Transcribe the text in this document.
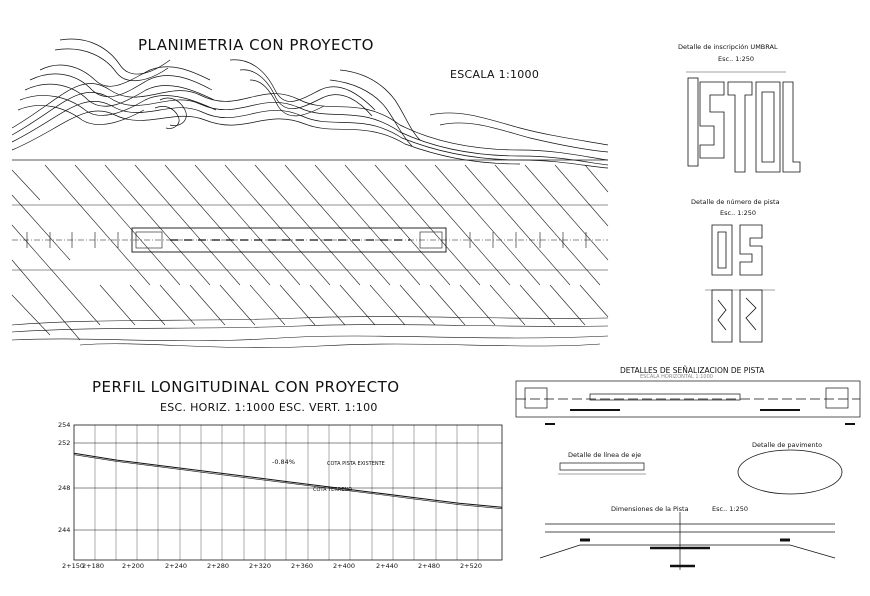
PLANIMETRIA CON PROYECTO
ESCALA 1:1000
Detalle de inscripción UMBRAL
Esc.. 1:250
Detalle de número de pista
Esc.. 1:250
PERFIL LONGITUDINAL CON PROYECTO
ESC. HORIZ. 1:1000 ESC. VERT. 1:100
-0.84%	COTA PISTA EXISTENTE
COTA TERRENO
254
252
248
244
2+150
2+180	2+200	2+240	2+280	2+320	2+360	2+400	2+440	2+480	2+520
DETALLES DE SEÑALIZACION DE PISTA
ESCALA HORIZONTAL 1:1000
Detalle de línea de eje
Detalle de pavimento
Dimensiones de la Pista	Esc.. 1:250
